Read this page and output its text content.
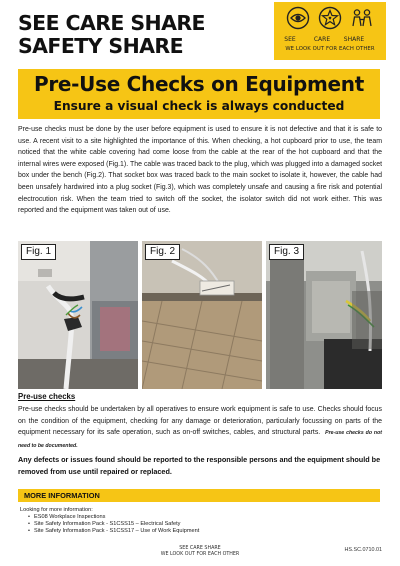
SEE CARE SHARE
SAFETY SHARE	SEE	CARE	SHARE
WE LOOK OUT FOR EACH OTHER
Pre-Use Checks on Equipment
Ensure a visual check is always conducted

Pre-use checks must be done by the user before equipment is used to ensure it is not defective and that it is safe to use. A recent visit to a site highlighted the importance of this. When checking, a hot cupboard prior to use, the team noticed that the white cable covering had come loose from the cable at the rear of the hot cupboard and that the internal wires were exposed (Fig.1). The cable was traced back to the plug, which was plugged into a damaged socket box under the bench (Fig.2). That socket box was traced back to the main socket to isolate it, however, the cable had been unsafely hardwired into a plug socket (Fig.3), which was completely unsafe and causing a fire risk and potential electrocution risk. When the team tried to switch off the socket, the isolator switch did not work either. This was reported and the equipment was taken out of use.

Fig. 1	Fig. 2	Fig. 3
Pre-use checks

Pre-use checks should be undertaken by all operatives to ensure work equipment is safe to use. Checks should focus on the condition of the equipment, checking for any damage or deterioration, particularly focussing on parts of the equipment necessary for its safe operation, such as on-off switches, cables, and structural parts. Pre-use checks do not need to be documented.

Any defects or issues found should be reported to the responsible persons and the equipment should be removed from use until repaired or replaced.

MORE INFORMATION
Looking for more information:
• ES08 Workplace Inspections
• Site Safety Information Pack - S1CSS15 – Electrical Safety
• Site Safety Information Pack - S1CSS17 – Use of Work Equipment
SEE CARE SHARE
WE LOOK OUT FOR EACH OTHER
HS.SC.0710.01
